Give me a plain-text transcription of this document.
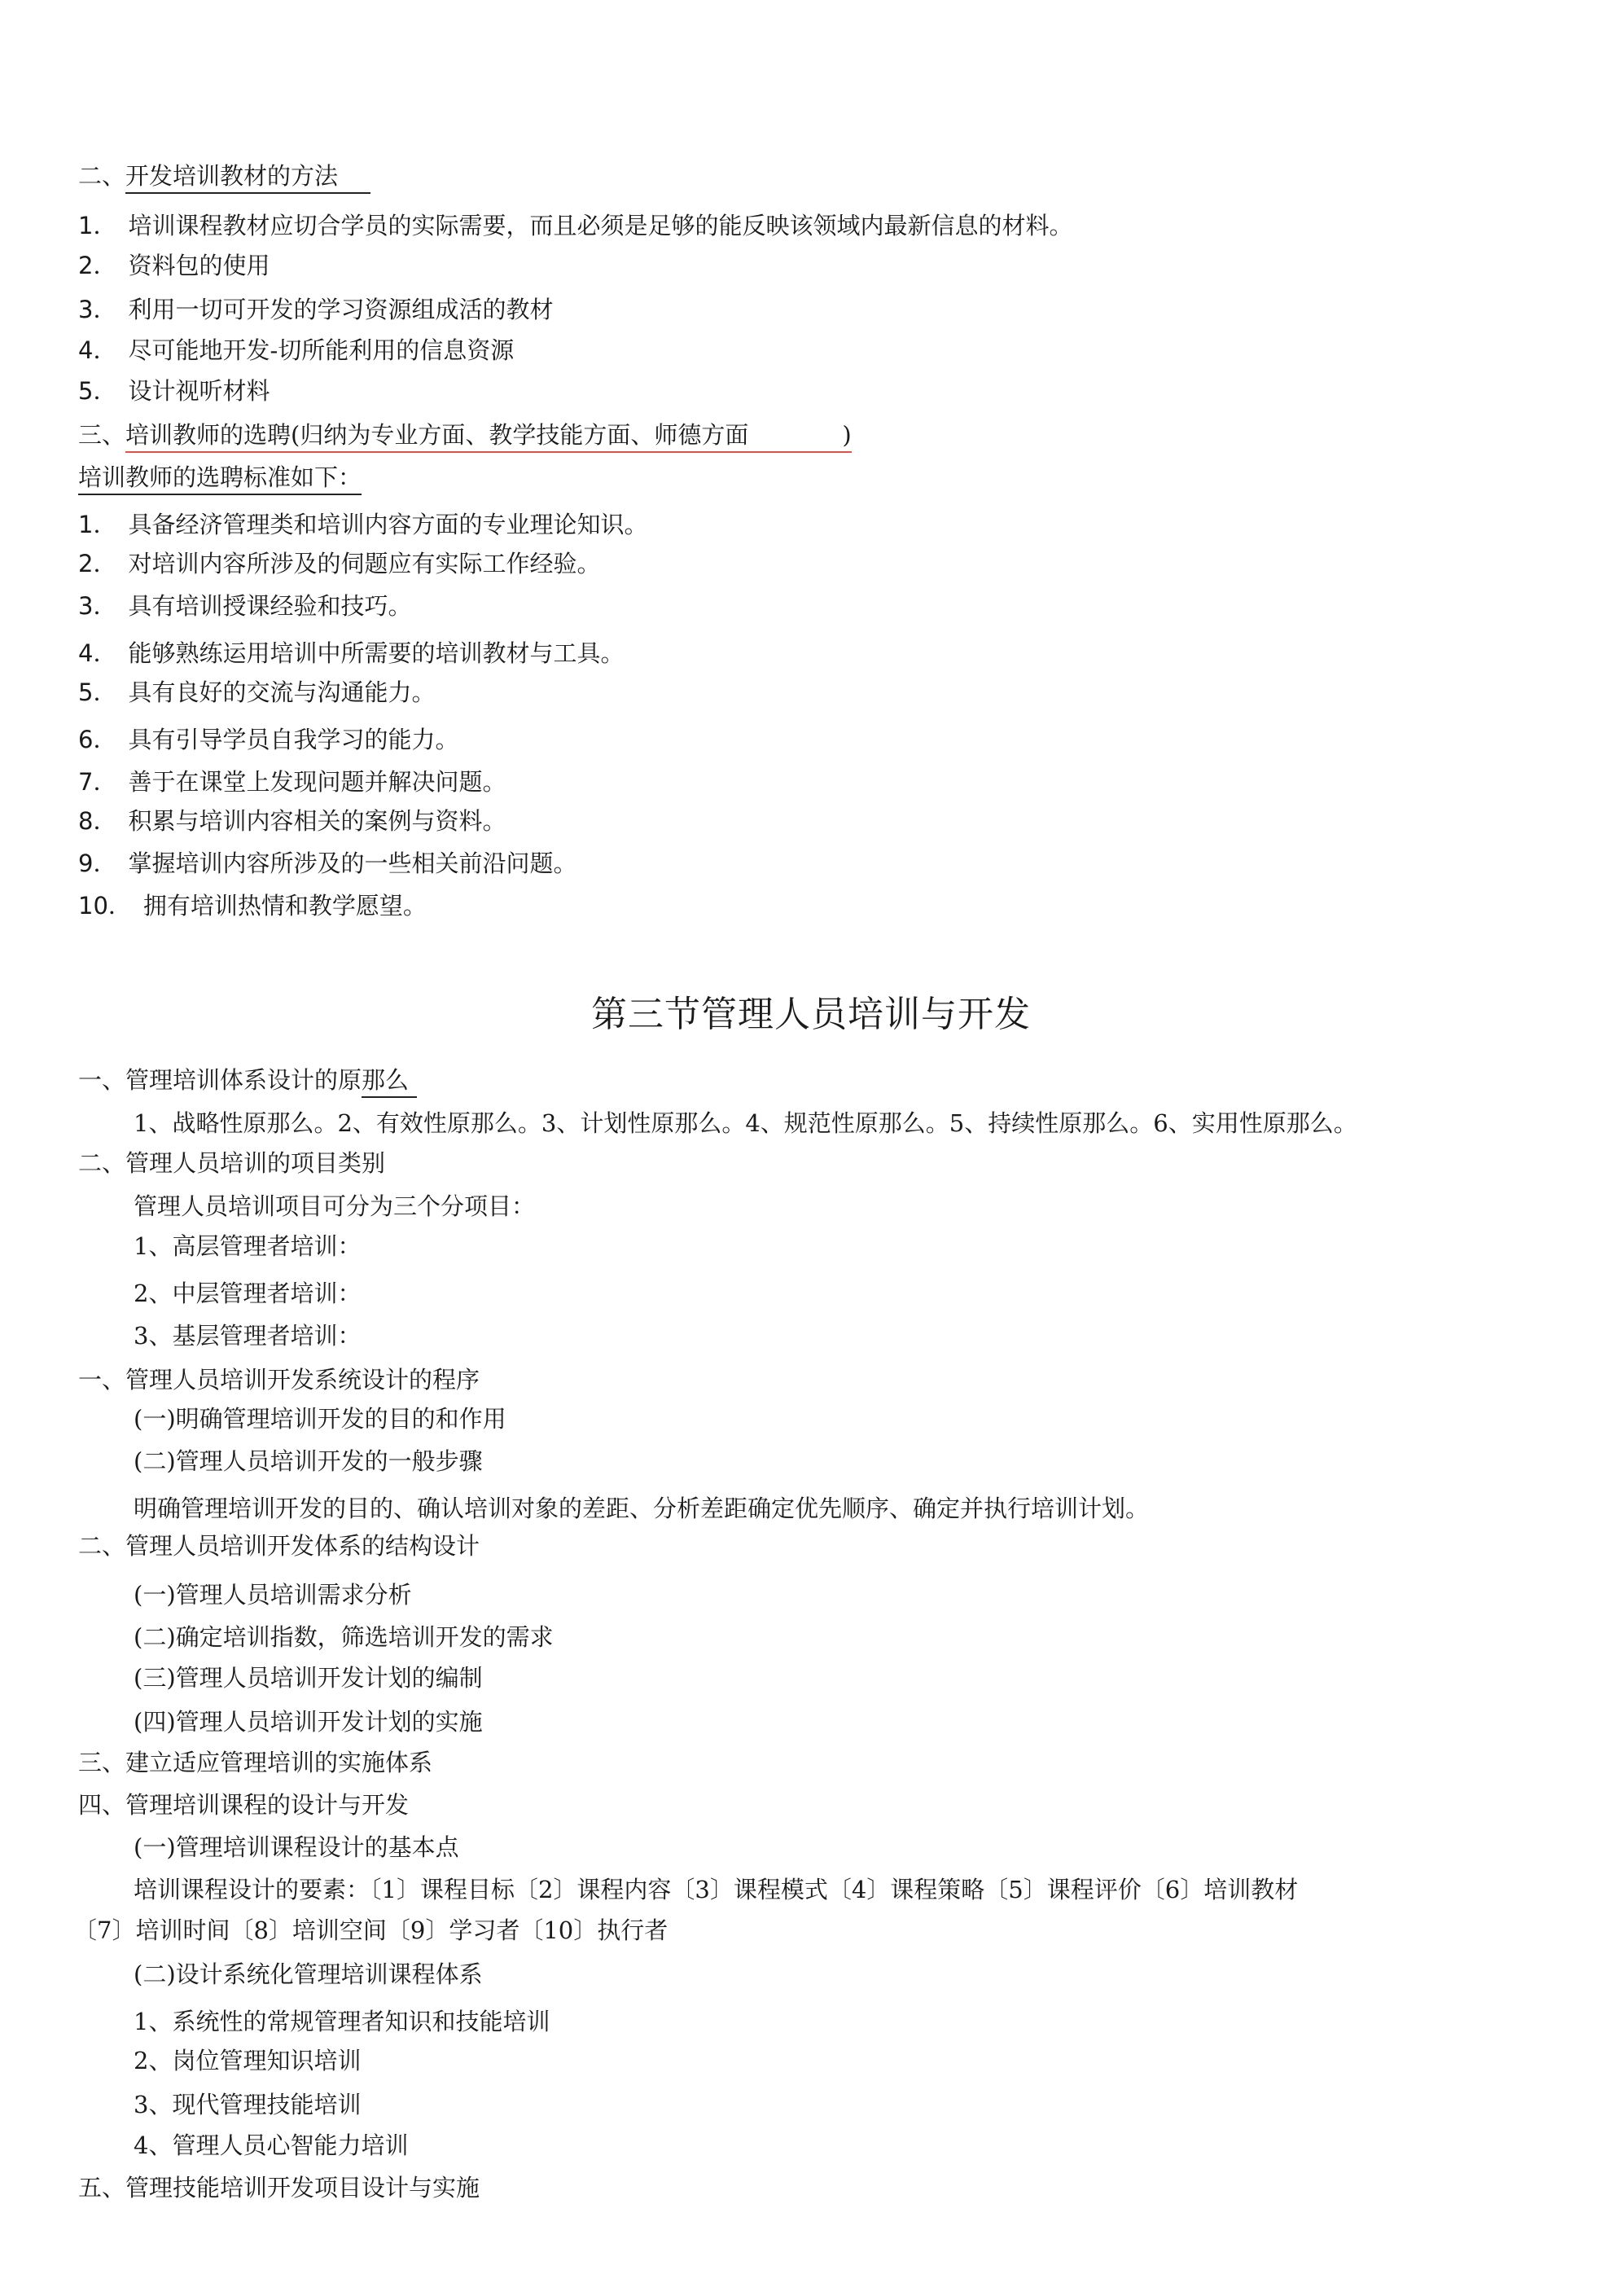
二、开发培训教材的方法
1． 培训课程教材应切合学员的实际需要，而且必须是足够的能反映该领域内最新信息的材料。
2． 资料包的使用
3． 利用一切可开发的学习资源组成活的教材
4． 尽可能地开发-切所能利用的信息资源
5． 设计视听材料
三、培训教师的选聘(归纳为专业方面、教学技能方面、师德方面	)
培训教师的选聘标准如下：
1． 具备经济管理类和培训内容方面的专业理论知识。
2． 对培训内容所涉及的伺题应有实际工作经验。
3． 具有培训授课经验和技巧。
4． 能够熟练运用培训中所需要的培训教材与工具。
5． 具有良好的交流与沟通能力。
6． 具有引导学员自我学习的能力。
7． 善于在课堂上发现问题并解决问题。
8． 积累与培训内容相关的案例与资料。
9． 掌握培训内容所涉及的一些相关前沿问题。
10． 拥有培训热情和教学愿望。
第三节管理人员培训与开发
一、管理培训体系设计的原那么
1、战略性原那么。2、有效性原那么。3、计划性原那么。4、规范性原那么。5、持续性原那么。6、实用性原那么。
二、管理人员培训的项目类别
管理人员培训项目可分为三个分项目：
1、高层管理者培训：
2、中层管理者培训：
3、基层管理者培训：
一、管理人员培训开发系统设计的程序
(一)明确管理培训开发的目的和作用
(二)管理人员培训开发的一般步骤
明确管理培训开发的目的、确认培训对象的差距、分析差距确定优先顺序、确定并执行培训计划。
二、管理人员培训开发体系的结构设计
(一)管理人员培训需求分析
(二)确定培训指数，筛选培训开发的需求
(三)管理人员培训开发计划的编制
(四)管理人员培训开发计划的实施
三、建立适应管理培训的实施体系
四、管理培训课程的设计与开发
(一)管理培训课程设计的基本点
培训课程设计的要素：〔1〕课程目标〔2〕课程内容〔3〕课程模式〔4〕课程策略〔5〕课程评价〔6〕培训教材
〔7〕培训时间〔8〕培训空间〔9〕学习者〔10〕执行者
(二)设计系统化管理培训课程体系
1、系统性的常规管理者知识和技能培训
2、岗位管理知识培训
3、现代管理技能培训
4、管理人员心智能力培训
五、管理技能培训开发项目设计与实施
